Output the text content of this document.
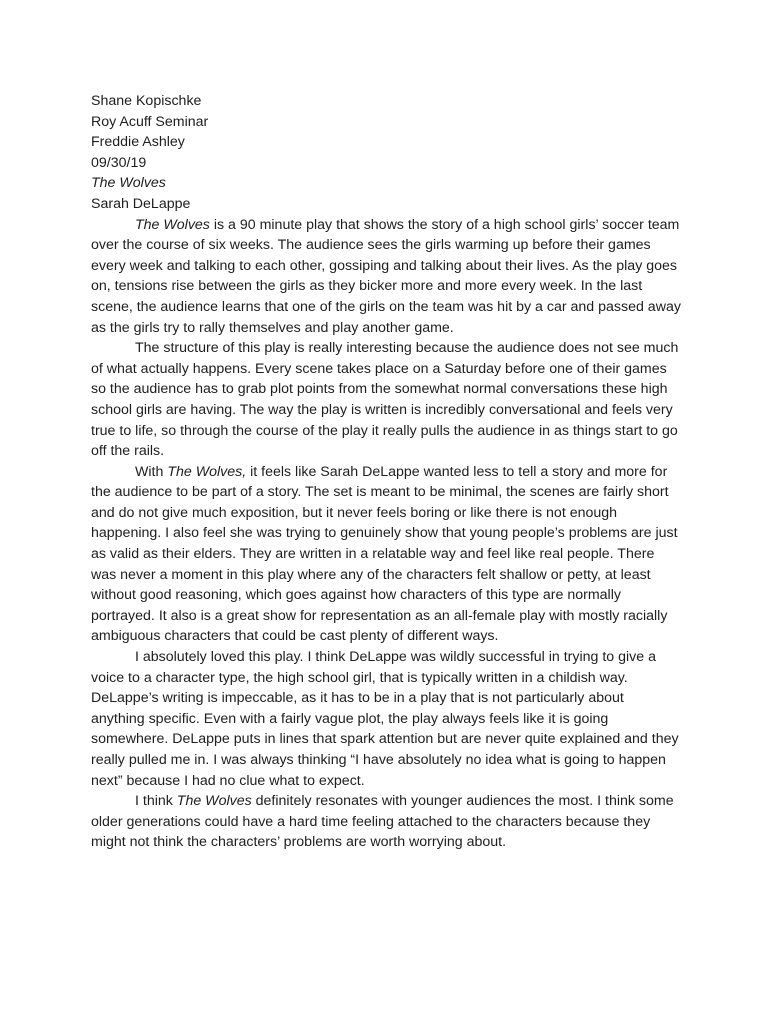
Shane Kopischke

Roy Acuff Seminar

Freddie Ashley

09/30/19

The Wolves

Sarah DeLappe

The Wolves is a 90 minute play that shows the story of a high school girls’ soccer team over the course of six weeks. The audience sees the girls warming up before their games every week and talking to each other, gossiping and talking about their lives. As the play goes on, tensions rise between the girls as they bicker more and more every week. In the last scene, the audience learns that one of the girls on the team was hit by a car and passed away as the girls try to rally themselves and play another game.

The structure of this play is really interesting because the audience does not see much of what actually happens. Every scene takes place on a Saturday before one of their games so the audience has to grab plot points from the somewhat normal conversations these high school girls are having. The way the play is written is incredibly conversational and feels very true to life, so through the course of the play it really pulls the audience in as things start to go off the rails.

With The Wolves, it feels like Sarah DeLappe wanted less to tell a story and more for the audience to be part of a story. The set is meant to be minimal, the scenes are fairly short and do not give much exposition, but it never feels boring or like there is not enough happening. I also feel she was trying to genuinely show that young people’s problems are just as valid as their elders. They are written in a relatable way and feel like real people. There was never a moment in this play where any of the characters felt shallow or petty, at least without good reasoning, which goes against how characters of this type are normally portrayed. It also is a great show for representation as an all-female play with mostly racially ambiguous characters that could be cast plenty of different ways.

I absolutely loved this play. I think DeLappe was wildly successful in trying to give a voice to a character type, the high school girl, that is typically written in a childish way. DeLappe’s writing is impeccable, as it has to be in a play that is not particularly about anything specific. Even with a fairly vague plot, the play always feels like it is going somewhere. DeLappe puts in lines that spark attention but are never quite explained and they really pulled me in. I was always thinking “I have absolutely no idea what is going to happen next” because I had no clue what to expect.

I think The Wolves definitely resonates with younger audiences the most. I think some older generations could have a hard time feeling attached to the characters because they might not think the characters’ problems are worth worrying about.
